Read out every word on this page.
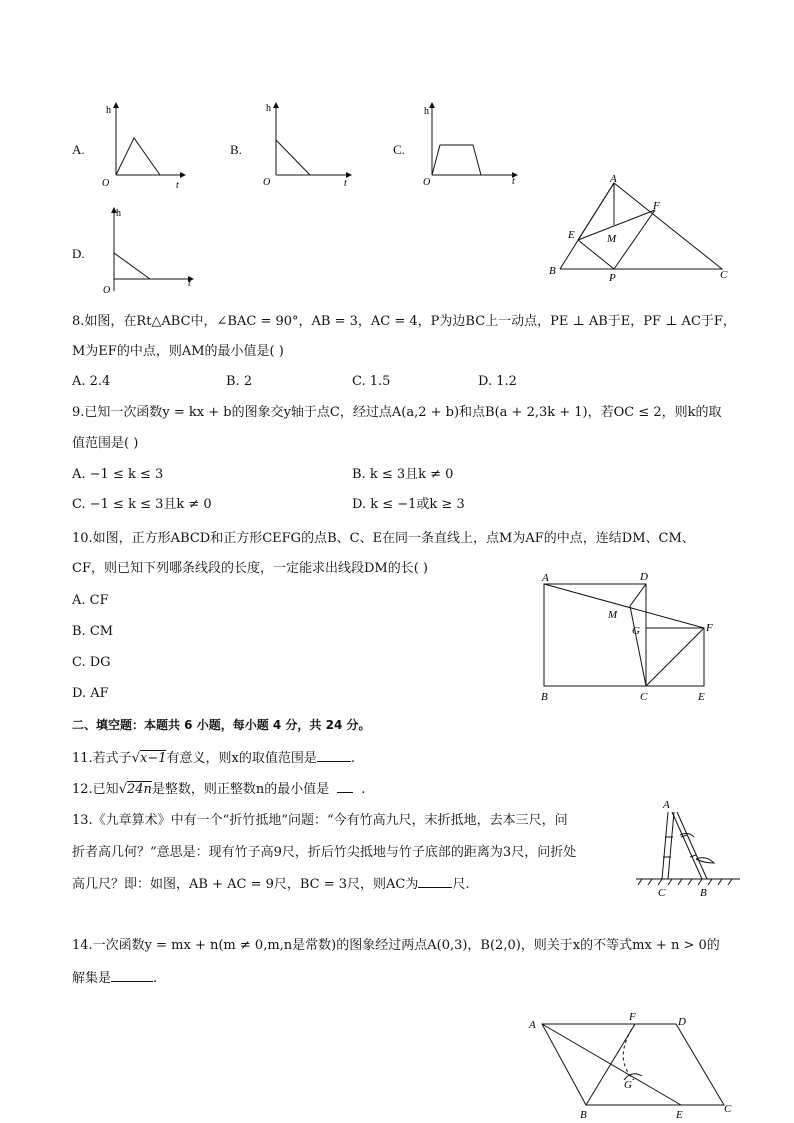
A.
h
O	t
B.
h
O	t
C.
h
O	t
D.
h
O
t
A
B	C
E
F
M
P
8.如图，在Rt△ABC中，∠BAC = 90°，AB = 3，AC = 4，P为边BC上一动点，PE ⊥ AB于E，PF ⊥ AC于F，
M为EF的中点，则AM的最小值是( )
A. 2.4	B. 2	C. 1.5	D. 1.2
9.已知一次函数y = kx + b的图象交y轴于点C，经过点A(a,2 + b)和点B(a + 2,3k + 1)，若OC ≤ 2，则k的取
值范围是( )
A. −1 ≤ k ≤ 3	B. k ≤ 3且k ≠ 0
C. −1 ≤ k ≤ 3且k ≠ 0	D. k ≤ −1或k ≥ 3
10.如图，正方形ABCD和正方形CEFG的点B、C、E在同一条直线上，点M为AF的中点，连结DM、CM、
CF，则已知下列哪条线段的长度，一定能求出线段DM的长( )
A. CF
B. CM
C. DG
D. AF
A	D
M
G	F
B	C	E
二、填空题：本题共 6 小题，每小题 4 分，共 24 分。
11.若式子√x−1有意义，则x的取值范围是	.
12.已知√24n是整数，则正整数n的最小值是 .
13.《九章算术》中有一个“折竹抵地”问题：“今有竹高九尺，末折抵地，去本三尺，问
折者高几何？”意思是：现有竹子高9尺，折后竹尖抵地与竹子底部的距离为3尺，问折处
高几尺？即：如图，AB + AC = 9尺，BC = 3尺，则AC为	尺.
A
C	B
14.一次函数y = mx + n(m ≠ 0,m,n是常数)的图象经过两点A(0,3)，B(2,0)，则关于x的不等式mx + n > 0的
解集是	.
A
F	D
G
B	E	C
